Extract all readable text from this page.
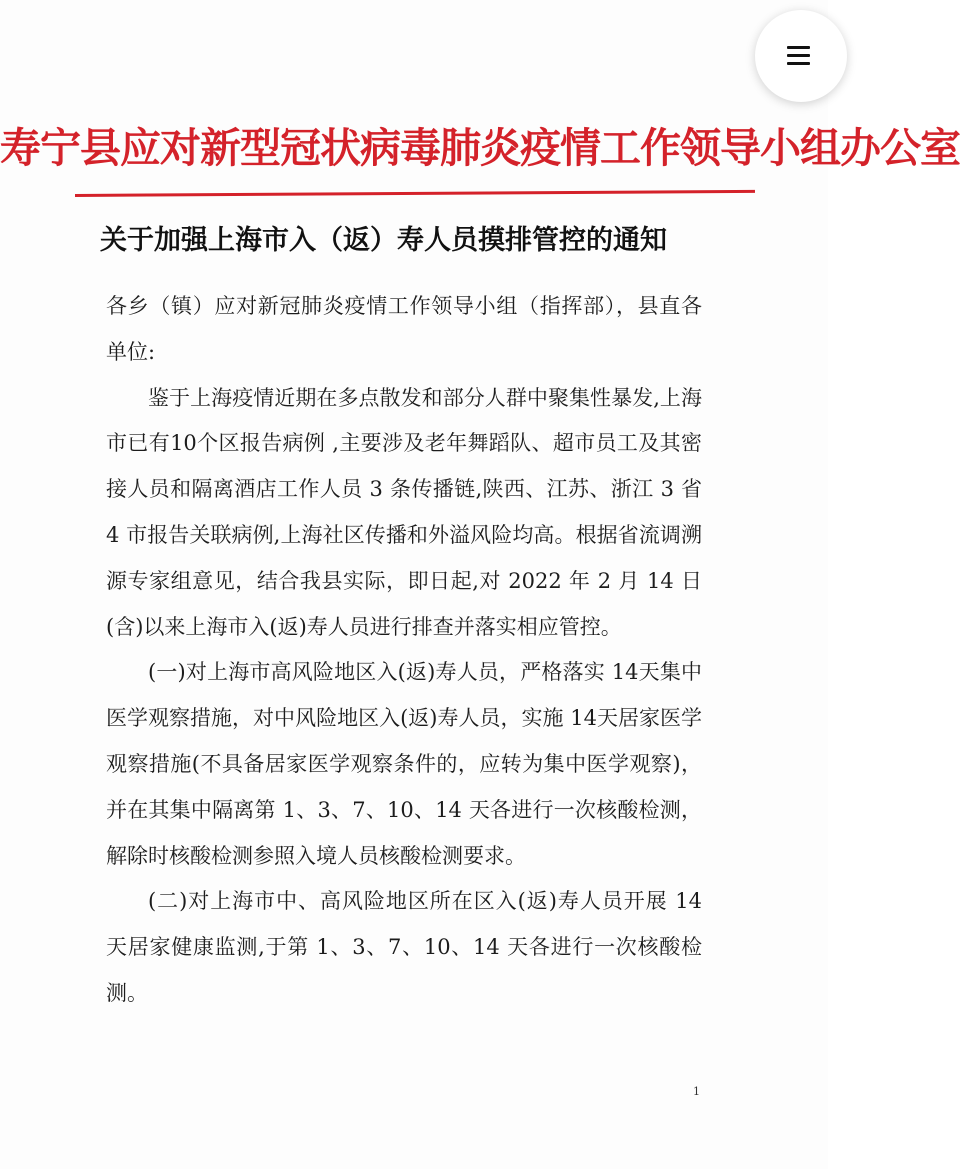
寿宁县应对新型冠状病毒肺炎疫情工作领导小组办公室
关于加强上海市入（返）寿人员摸排管控的通知

各乡（镇）应对新冠肺炎疫情工作领导小组（指挥部），县直各单位:

鉴于上海疫情近期在多点散发和部分人群中聚集性暴发,上海市已有10个区报告病例 ,主要涉及老年舞蹈队、超市员工及其密接人员和隔离酒店工作人员 3 条传播链,陕西、江苏、浙江 3 省 4 市报告关联病例,上海社区传播和外溢风险均高。根据省流调溯源专家组意见，结合我县实际，即日起,对 2022 年 2 月 14 日(含)以来上海市入(返)寿人员进行排查并落实相应管控。

(一)对上海市高风险地区入(返)寿人员，严格落实 14天集中医学观察措施，对中风险地区入(返)寿人员，实施 14天居家医学观察措施(不具备居家医学观察条件的，应转为集中医学观察)，并在其集中隔离第 1、3、7、10、14 天各进行一次核酸检测，解除时核酸检测参照入境人员核酸检测要求。

(二)对上海市中、高风险地区所在区入(返)寿人员开展 14 天居家健康监测,于第 1、3、7、10、14 天各进行一次核酸检测。

1
